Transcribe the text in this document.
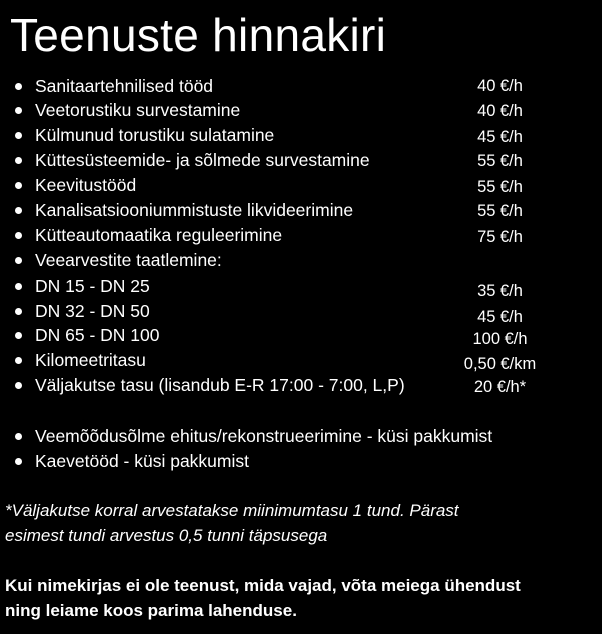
Teenuste hinnakiri
Sanitaartehnilised tööd	40 €/h
Veetorustiku survestamine	40 €/h
Külmunud torustiku sulatamine	45 €/h
Küttesüsteemide- ja sõlmede survestamine	55 €/h
Keevitustööd	55 €/h
Kanalisatsiooniummistuste likvideerimine	55 €/h
Kütteautomaatika reguleerimine	75 €/h
Veearvestite taatlemine:
DN 15 - DN 25	35 €/h
DN 32 - DN 50	45 €/h
DN 65 - DN 100	100 €/h
Kilomeetritasu	0,50 €/km
Väljakutse tasu (lisandub E-R 17:00 - 7:00, L,P)	20 €/h*
Veemõõdusõlme ehitus/rekonstrueerimine - küsi pakkumist
Kaevetööd - küsi pakkumist
*Väljakutse korral arvestatakse miinimumtasu 1 tund. Pärast
esimest tundi arvestus 0,5 tunni täpsusega
Kui nimekirjas ei ole teenust, mida vajad, võta meiega ühendust
ning leiame koos parima lahenduse.
